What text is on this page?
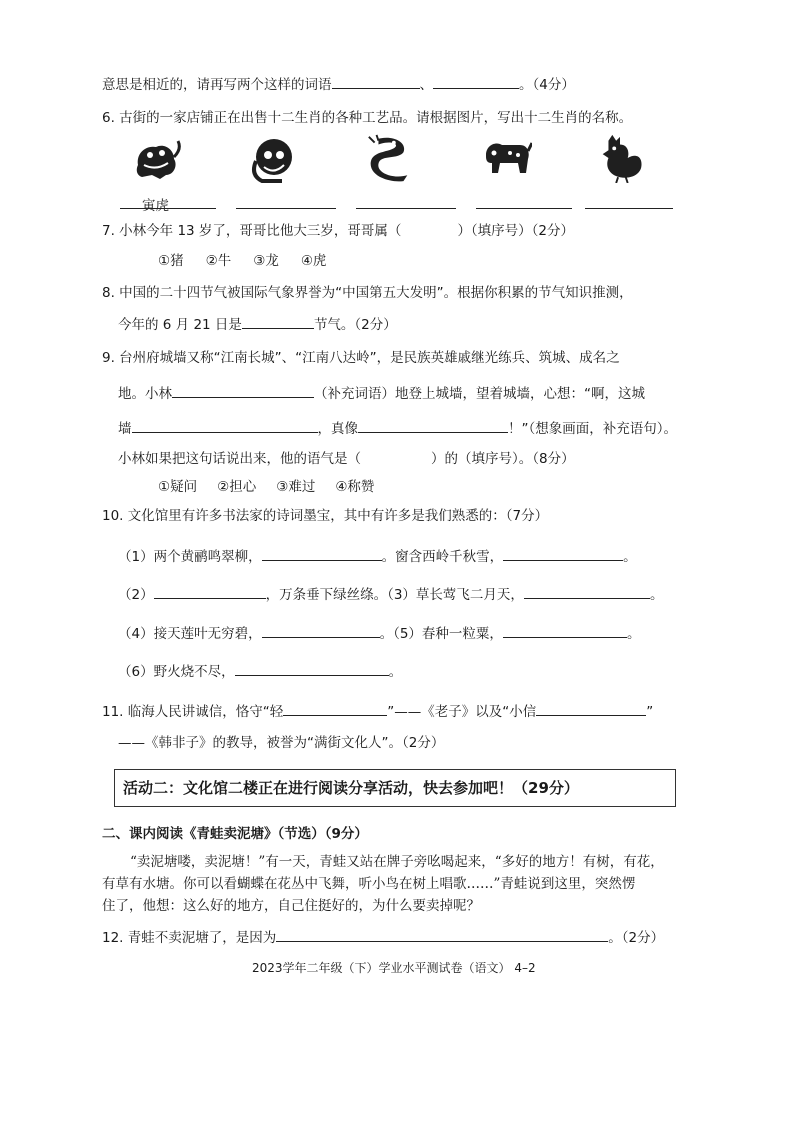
意思是相近的，请再写两个这样的词语	、	。（4分）
6. 古街的一家店铺正在出售十二生肖的各种工艺品。请根据图片，写出十二生肖的名称。
寅虎
7. 小林今年 13 岁了，哥哥比他大三岁，哥哥属（	）（填序号）（2分）
①猪 ②牛 ③龙 ④虎
8. 中国的二十四节气被国际气象界誉为“中国第五大发明”。根据你积累的节气知识推测，
今年的 6 月 21 日是	节气。（2分）
9. 台州府城墙又称“江南长城”、“江南八达岭”，是民族英雄戚继光练兵、筑城、成名之
地。小林	（补充词语）地登上城墙，望着城墙，心想：“啊，这城
墙	，真像	！”（想象画面，补充语句）。
小林如果把这句话说出来，他的语气是（	）的（填序号）。（8分）
①疑问 ②担心 ③难过 ④称赞
10. 文化馆里有许多书法家的诗词墨宝，其中有许多是我们熟悉的：（7分）
（1）两个黄鹂鸣翠柳，	。窗含西岭千秋雪，	。
（2）	，万条垂下绿丝绦。（3）草长莺飞二月天，	。
（4）接天莲叶无穷碧，	。（5）春种一粒粟，	。
（6）野火烧不尽，	。
11. 临海人民讲诚信，恪守“轻	”——《老子》以及“小信	”
——《韩非子》的教导，被誉为“满街文化人”。（2分）
活动二：文化馆二楼正在进行阅读分享活动，快去参加吧！（29分）
二、课内阅读《青蛙卖泥塘》（节选）（9分）
“卖泥塘喽，卖泥塘！”有一天，青蛙又站在牌子旁吆喝起来，“多好的地方！有树，有花，
有草有水塘。你可以看蝴蝶在花丛中飞舞，听小鸟在树上唱歌……”青蛙说到这里，突然愣
住了，他想：这么好的地方，自己住挺好的，为什么要卖掉呢？
12. 青蛙不卖泥塘了，是因为	。（2分）
2023学年二年级（下）学业水平测试卷（语文） 4–2
